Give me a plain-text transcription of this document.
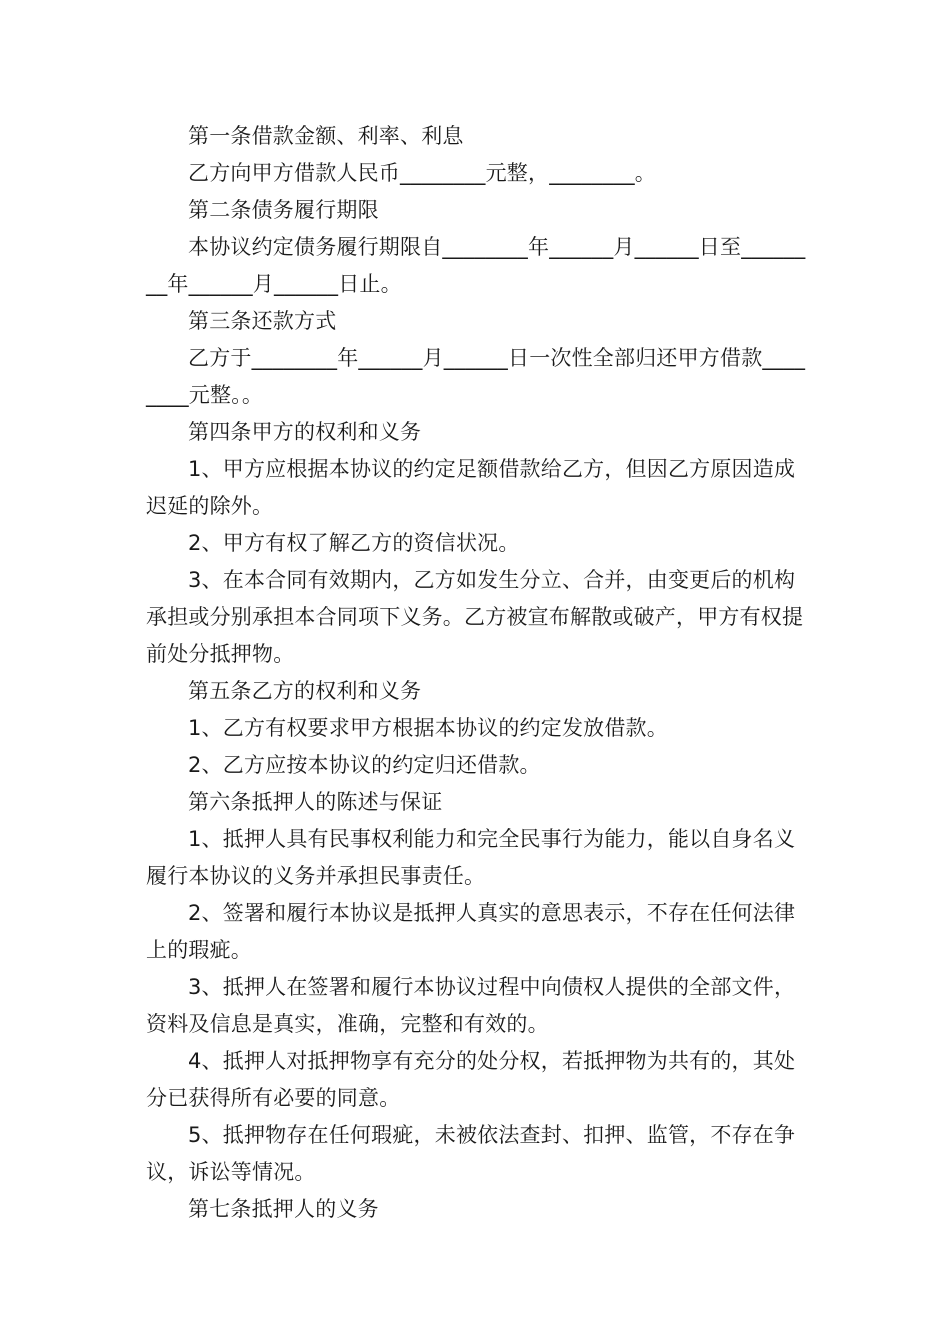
第一条借款金额、利率、利息

乙方向甲方借款人民币________元整，________。

第二条债务履行期限

本协议约定债务履行期限自________年______月______日至________年______月______日止。

第三条还款方式

乙方于________年______月______日一次性全部归还甲方借款________元整。。

第四条甲方的权利和义务

1、甲方应根据本协议的约定足额借款给乙方，但因乙方原因造成迟延的除外。

2、甲方有权了解乙方的资信状况。

3、在本合同有效期内，乙方如发生分立、合并，由变更后的机构承担或分别承担本合同项下义务。乙方被宣布解散或破产，甲方有权提前处分抵押物。

第五条乙方的权利和义务

1、乙方有权要求甲方根据本协议的约定发放借款。

2、乙方应按本协议的约定归还借款。

第六条抵押人的陈述与保证

1、抵押人具有民事权利能力和完全民事行为能力，能以自身名义履行本协议的义务并承担民事责任。

2、签署和履行本协议是抵押人真实的意思表示，不存在任何法律上的瑕疵。

3、抵押人在签署和履行本协议过程中向债权人提供的全部文件，资料及信息是真实，准确，完整和有效的。

4、抵押人对抵押物享有充分的处分权，若抵押物为共有的，其处分已获得所有必要的同意。

5、抵押物存在任何瑕疵，未被依法查封、扣押、监管，不存在争议，诉讼等情况。

第七条抵押人的义务
